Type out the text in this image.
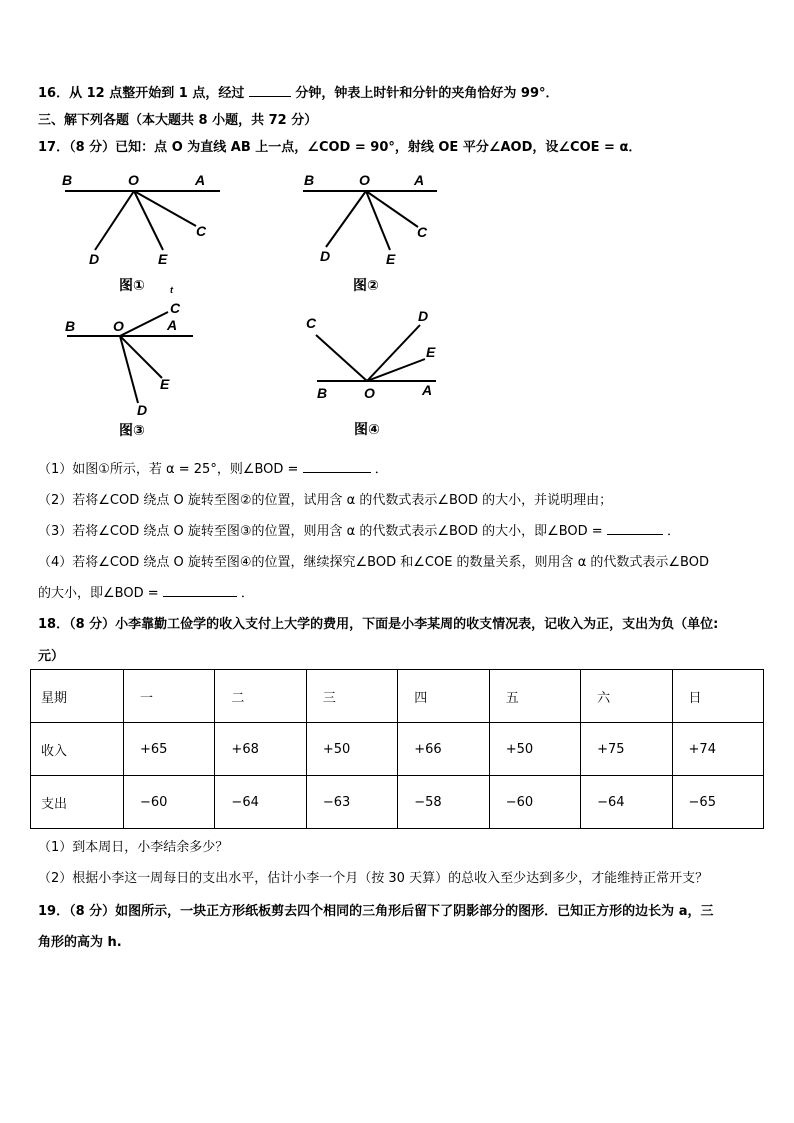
16．从 12 点整开始到 1 点，经过	分钟，钟表上时针和分针的夹角恰好为 99°．
三、解下列各题（本大题共 8 小题，共 72 分）
17．（8 分）已知：点 O 为直线 AB 上一点，∠COD = 90°，射线 OE 平分∠AOD，设∠COE = α．
B	O	A
C
D	E
图①	t
B	O	A
C
D	E
图②
B	O	A
C
E
D
图③
C	D
E
B	O	A
图④
（1）如图①所示，若 α = 25°，则∠BOD =	．
（2）若将∠COD 绕点 O 旋转至图②的位置，试用含 α 的代数式表示∠BOD 的大小，并说明理由；
（3）若将∠COD 绕点 O 旋转至图③的位置，则用含 α 的代数式表示∠BOD 的大小，即∠BOD =	．
（4）若将∠COD 绕点 O 旋转至图④的位置，继续探究∠BOD 和∠COE 的数量关系，则用含 α 的代数式表示∠BOD
的大小，即∠BOD =	．
18．（8 分）小李靠勤工俭学的收入支付上大学的费用，下面是小李某周的收支情况表，记收入为正，支出为负（单位:
元）
星期	一	二	三	四	五	六	日
收入	+65	+68	+50	+66	+50	+75	+74
支出	−60	−64	−63	−58	−60	−64	−65
（1）到本周日，小李结余多少？
（2）根据小李这一周每日的支出水平，估计小李一个月（按 30 天算）的总收入至少达到多少，才能维持正常开支？
19．（8 分）如图所示，一块正方形纸板剪去四个相同的三角形后留下了阴影部分的图形．已知正方形的边长为 a，三
角形的高为 h.
